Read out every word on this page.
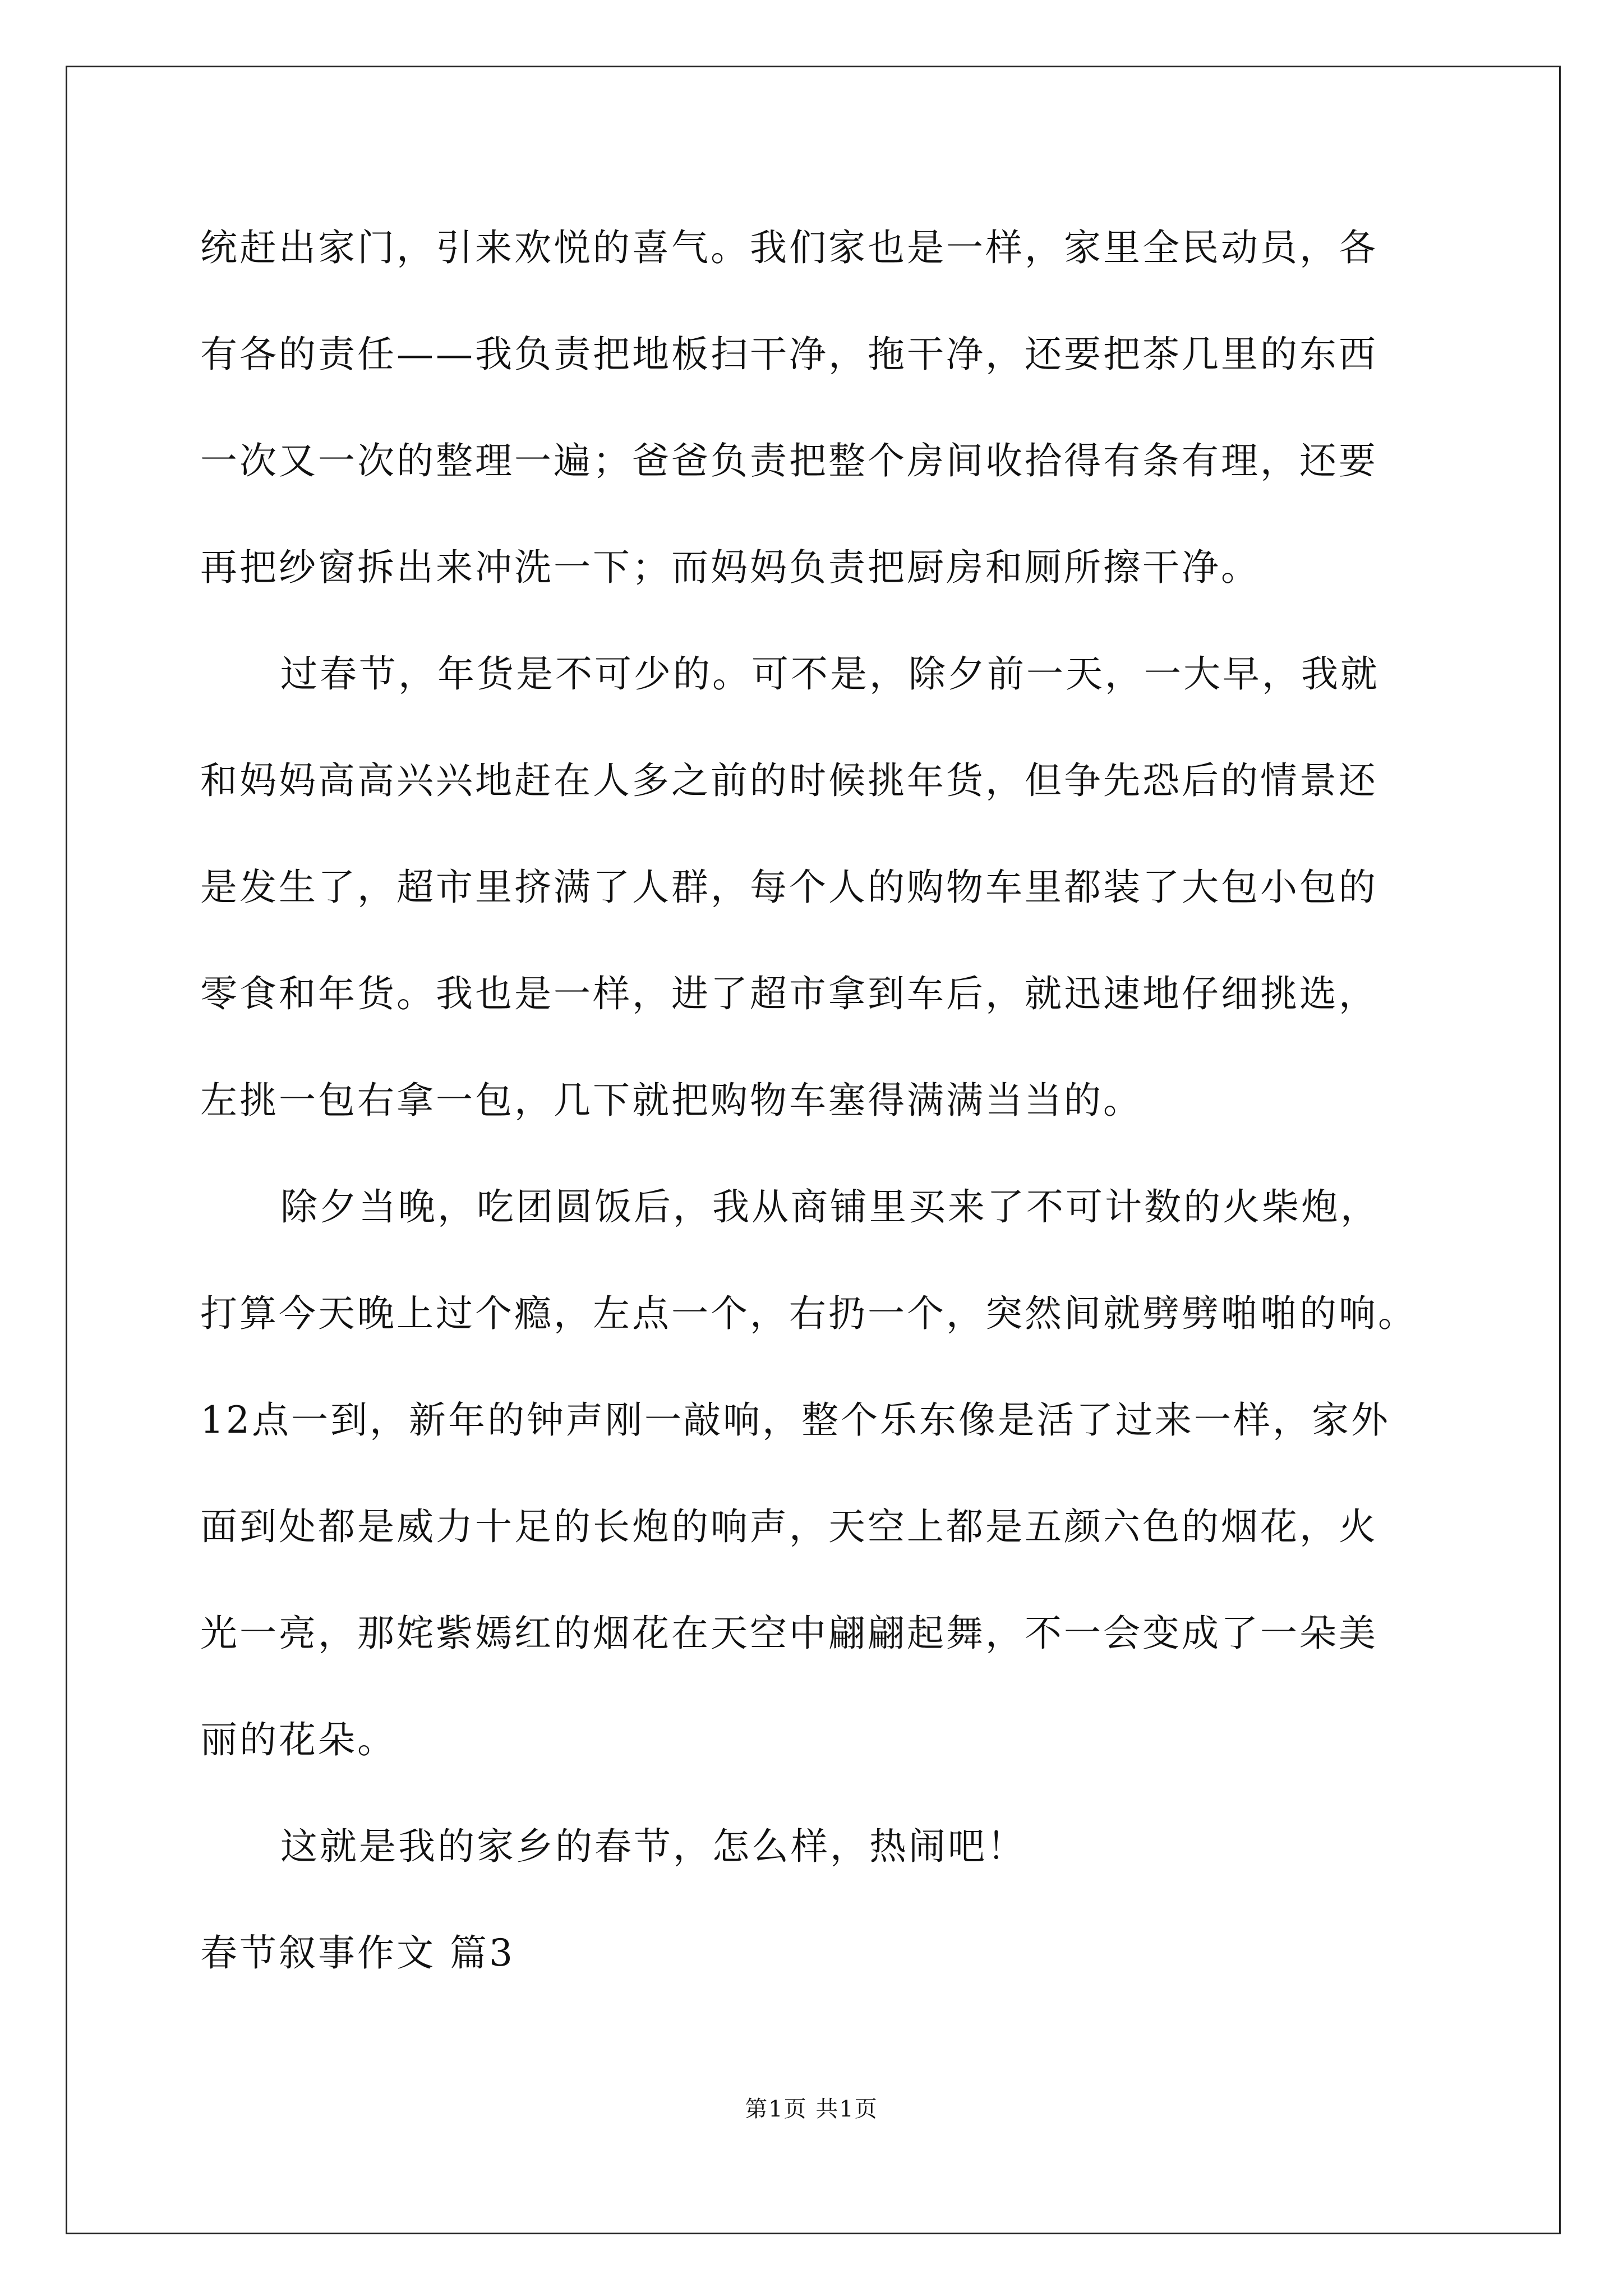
统赶出家门，引来欢悦的喜气。我们家也是一样，家里全民动员，各
有各的责任——我负责把地板扫干净，拖干净，还要把茶几里的东西
一次又一次的整理一遍；爸爸负责把整个房间收拾得有条有理，还要
再把纱窗拆出来冲洗一下；而妈妈负责把厨房和厕所擦干净。
过春节，年货是不可少的。可不是，除夕前一天，一大早，我就
和妈妈高高兴兴地赶在人多之前的时候挑年货，但争先恐后的情景还
是发生了，超市里挤满了人群，每个人的购物车里都装了大包小包的
零食和年货。我也是一样，进了超市拿到车后，就迅速地仔细挑选，
左挑一包右拿一包，几下就把购物车塞得满满当当的。
除夕当晚，吃团圆饭后，我从商铺里买来了不可计数的火柴炮，
打算今天晚上过个瘾，左点一个，右扔一个，突然间就劈劈啪啪的响。
12点一到，新年的钟声刚一敲响，整个乐东像是活了过来一样，家外
面到处都是威力十足的长炮的响声，天空上都是五颜六色的烟花，火
光一亮，那姹紫嫣红的烟花在天空中翩翩起舞，不一会变成了一朵美
丽的花朵。
这就是我的家乡的春节，怎么样，热闹吧！
春节叙事作文 篇3
第1页 共1页
